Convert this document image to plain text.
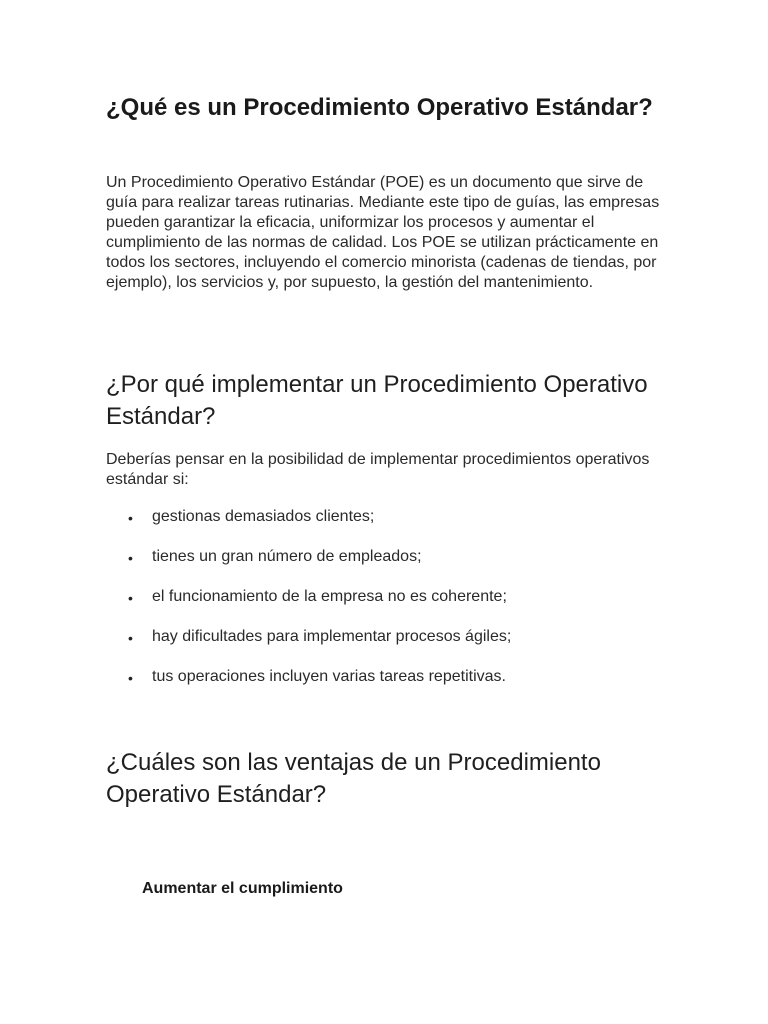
¿Qué es un Procedimiento Operativo Estándar?

Un Procedimiento Operativo Estándar (POE) es un documento que sirve de guía para realizar tareas rutinarias. Mediante este tipo de guías, las empresas pueden garantizar la eficacia, uniformizar los procesos y aumentar el cumplimiento de las normas de calidad. Los POE se utilizan prácticamente en todos los sectores, incluyendo el comercio minorista (cadenas de tiendas, por ejemplo), los servicios y, por supuesto, la gestión del mantenimiento.

¿Por qué implementar un Procedimiento Operativo Estándar?

Deberías pensar en la posibilidad de implementar procedimientos operativos estándar si:

• gestionas demasiados clientes;
• tienes un gran número de empleados;
• el funcionamiento de la empresa no es coherente;
• hay dificultades para implementar procesos ágiles;
• tus operaciones incluyen varias tareas repetitivas.
¿Cuáles son las ventajas de un Procedimiento Operativo Estándar?
Aumentar el cumplimiento
